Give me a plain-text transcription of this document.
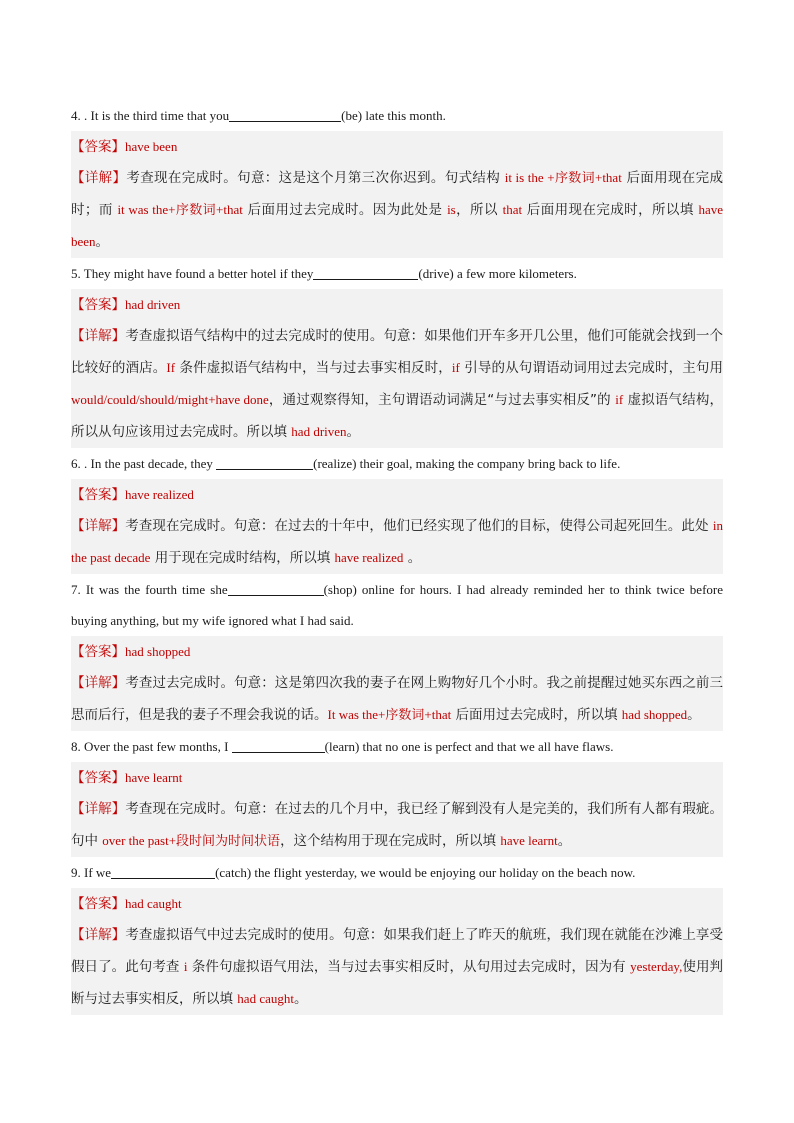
4. . It is the third time that you	(be) late this month.
【答案】have been
【详解】考查现在完成时。句意：这是这个月第三次你迟到。句式结构 it is the +序数词+that 后面用现在完成时；而 it was the+序数词+that 后面用过去完成时。因为此处是 is，所以 that 后面用现在完成时，所以填 have been。
5. They might have found a better hotel if they	(drive) a few more kilometers.
【答案】had driven
【详解】考查虚拟语气结构中的过去完成时的使用。句意：如果他们开车多开几公里，他们可能就会找到一个比较好的酒店。If 条件虚拟语气结构中，当与过去事实相反时，if 引导的从句谓语动词用过去完成时，主句用 would/could/should/might+have done，通过观察得知，主句谓语动词满足“与过去事实相反”的 if 虚拟语气结构，所以从句应该用过去完成时。所以填 had driven。
6. . In the past decade, they	(realize) their goal, making the company bring back to life.
【答案】have realized
【详解】考查现在完成时。句意：在过去的十年中，他们已经实现了他们的目标，使得公司起死回生。此处 in the past decade 用于现在完成时结构，所以填 have realized 。
7. It was the fourth time she	(shop) online for hours. I had already reminded her to think twice before buying anything, but my wife ignored what I had said.
【答案】had shopped
【详解】考查过去完成时。句意：这是第四次我的妻子在网上购物好几个小时。我之前提醒过她买东西之前三思而后行，但是我的妻子不理会我说的话。It was the+序数词+that 后面用过去完成时，所以填 had shopped。
8. Over the past few months, I	(learn) that no one is perfect and that we all have flaws.
【答案】have learnt
【详解】考查现在完成时。句意：在过去的几个月中，我已经了解到没有人是完美的，我们所有人都有瑕疵。句中 over the past+段时间为时间状语，这个结构用于现在完成时，所以填 have learnt。
9. If we	(catch) the flight yesterday, we would be enjoying our holiday on the beach now.
【答案】had caught
【详解】考查虚拟语气中过去完成时的使用。句意：如果我们赶上了昨天的航班，我们现在就能在沙滩上享受假日了。此句考查 i 条件句虚拟语气用法，当与过去事实相反时，从句用过去完成时，因为有 yesterday,使用判断与过去事实相反，所以填 had caught。
